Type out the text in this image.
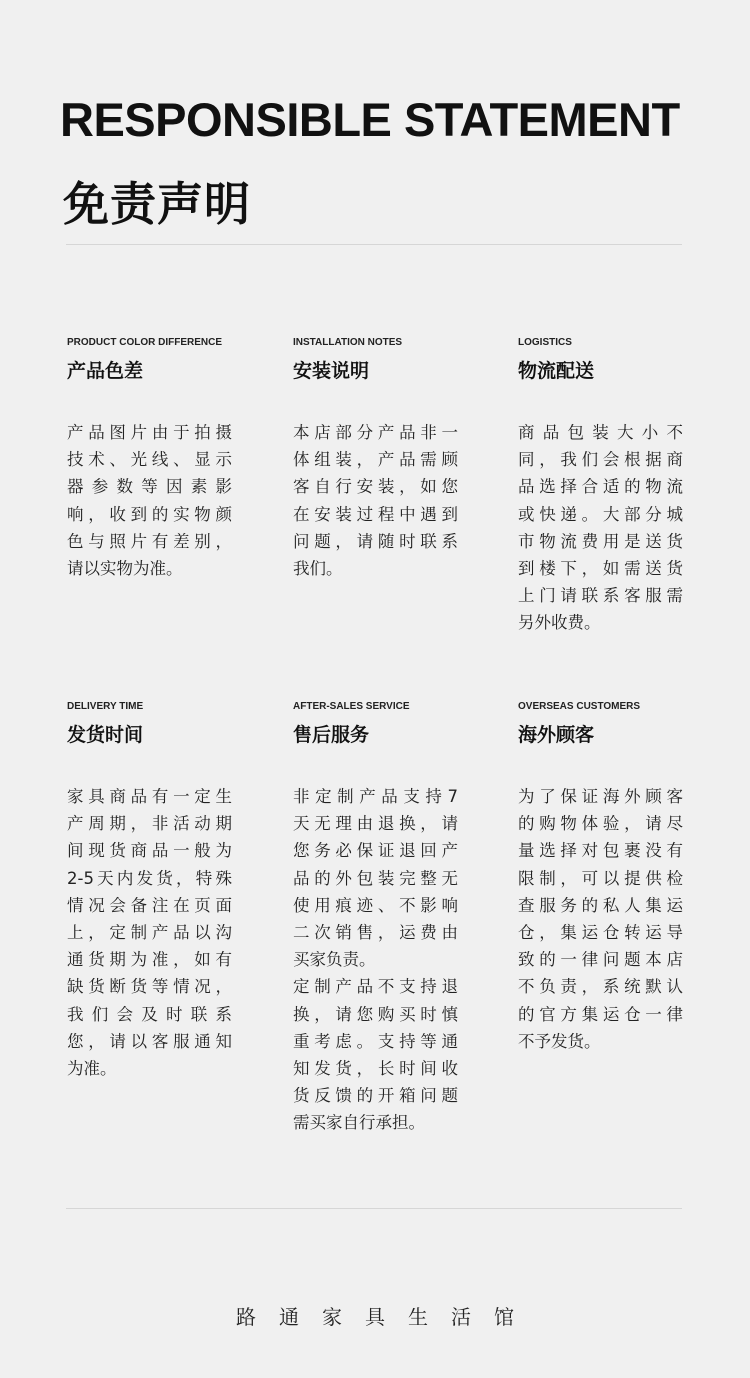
RESPONSIBLE STATEMENT
免责声明
PRODUCT COLOR DIFFERENCE
产品色差
产品图片由于拍摄
技术、光线、显示
器参数等因素影
响，收到的实物颜
色与照片有差别，
请以实物为准。
INSTALLATION NOTES
安装说明
本店部分产品非一
体组装，产品需顾
客自行安装，如您
在安装过程中遇到
问题，请随时联系
我们。
LOGISTICS
物流配送
商品包装大小不
同，我们会根据商
品选择合适的物流
或快递。大部分城
市物流费用是送货
到楼下，如需送货
上门请联系客服需
另外收费。
DELIVERY TIME
发货时间
家具商品有一定生
产周期，非活动期
间现货商品一般为
2-5天内发货，特殊
情况会备注在页面
上，定制产品以沟
通货期为准，如有
缺货断货等情况，
我们会及时联系
您，请以客服通知
为准。
AFTER-SALES SERVICE
售后服务
非定制产品支持7
天无理由退换，请
您务必保证退回产
品的外包装完整无
使用痕迹、不影响
二次销售，运费由
买家负责。
定制产品不支持退
换，请您购买时慎
重考虑。支持等通
知发货，长时间收
货反馈的开箱问题
需买家自行承担。
OVERSEAS CUSTOMERS
海外顾客
为了保证海外顾客
的购物体验，请尽
量选择对包裹没有
限制，可以提供检
查服务的私人集运
仓，集运仓转运导
致的一律问题本店
不负责，系统默认
的官方集运仓一律
不予发货。
路通家具生活馆
